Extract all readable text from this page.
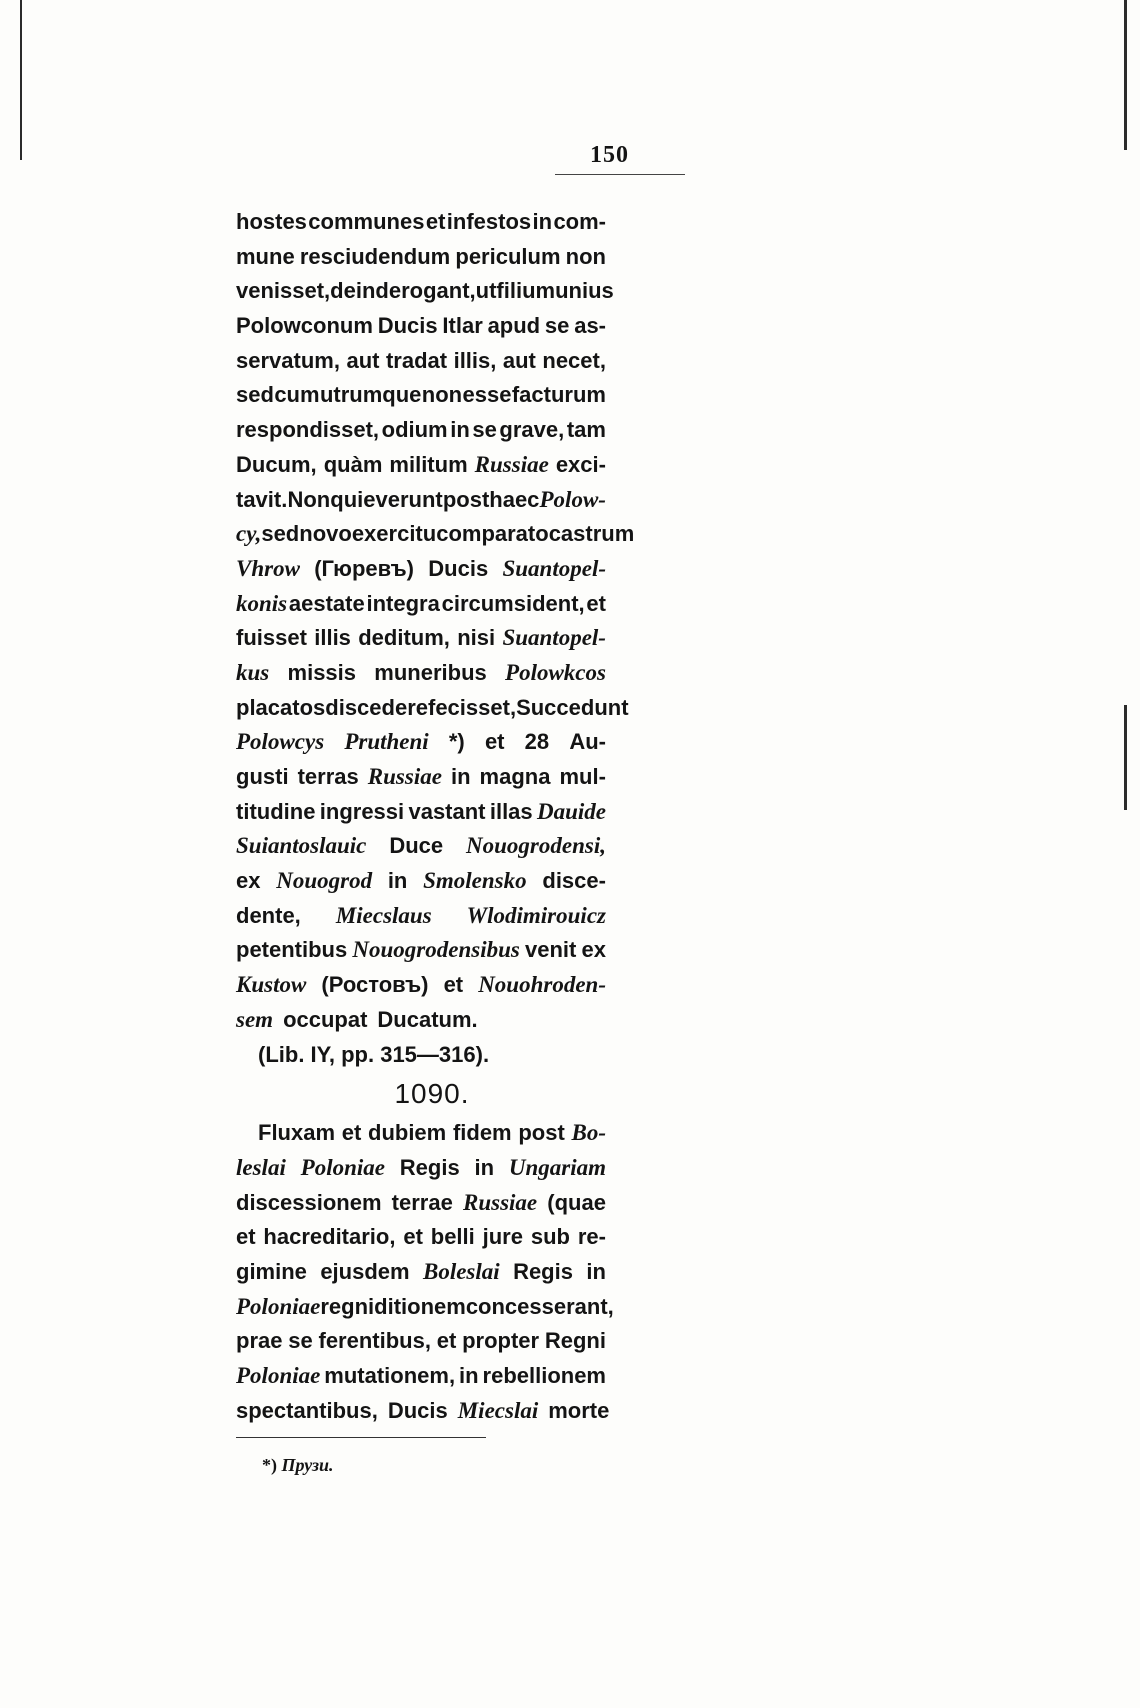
150
hostes communes et infestos in com-
mune resciudendum periculum non
venisset, deinde rogant, ut filium unius
Polowconum Ducis Itlar apud se as-
servatum, aut tradat illis, aut necet,
sed cum utrumque non esse facturum
respondisset, odium in se grave, tam
Ducum, quàm militum Russiae exci-
tavit. Non quieverunt posthaec Polow-
cy, sed novo exercitu comparato castrum
Vhrow (Гюревъ) Ducis Suantopel-
konis aestate integra circumsident, et
fuisset illis deditum, nisi Suantopel-
kus missis muneribus Polowkcos
placatos discedere fecisset, Succedunt
Polowcys Prutheni *) et 28 Au-
gusti terras Russiae in magna mul-
titudine ingressi vastant illas Dauide
Suiantoslauic Duce Nouogrodensi,
ex Nouogrod in Smolensko disce-
dente, Miecslaus Wlodimirouicz
petentibus Nouogrodensibus venit ex
Kustow (Ростовъ) et Nouohroden-
sem occupat Ducatum.
(Lib. IY, pp. 315—316).
1090.
Fluxam et dubiem fidem post Bo-
leslai Poloniae Regis in Ungariam
discessionem terrae Russiae (quae
et hacreditario, et belli jure sub re-
gimine ejusdem Boleslai Regis in
Poloniae regni ditionem concesserant,
prae se ferentibus, et propter Regni
Poloniae mutationem, in rebellionem
spectantibus, Ducis Miecslai morte
*) Прузи.
